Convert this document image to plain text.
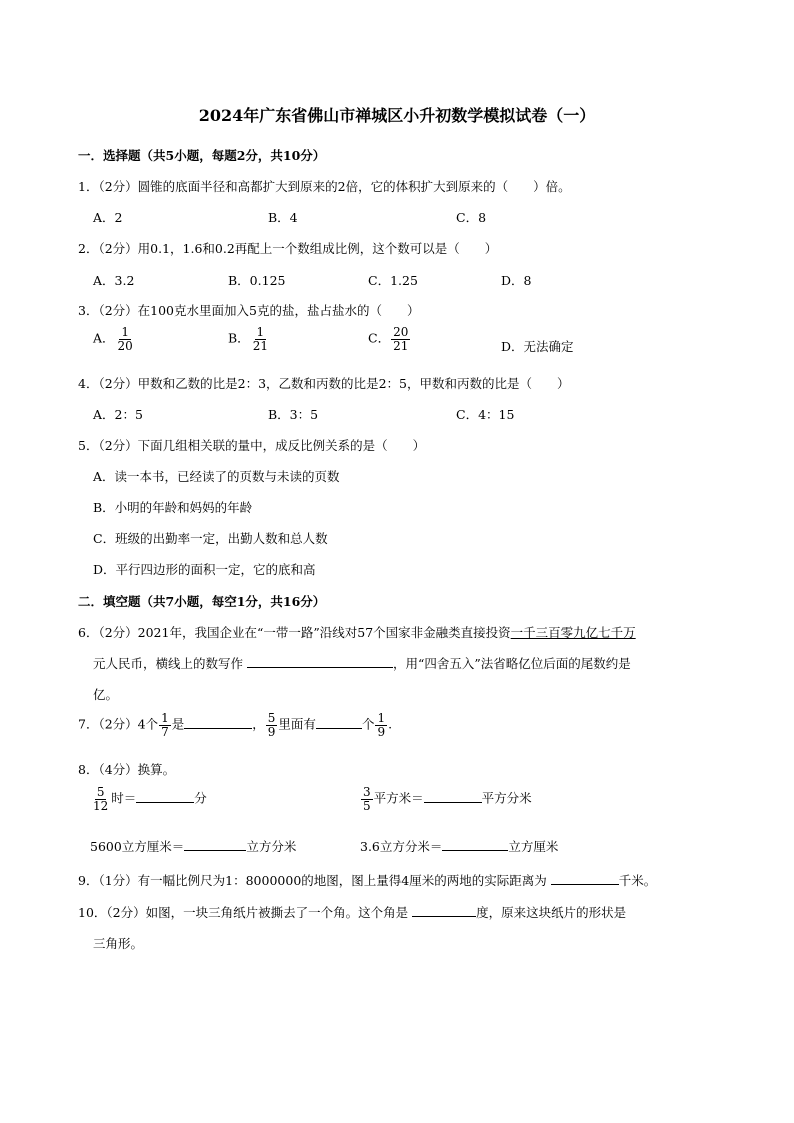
2024年广东省佛山市禅城区小升初数学模拟试卷（一）
一．选择题（共5小题，每题2分，共10分）
1．（2分）圆锥的底面半径和高都扩大到原来的2倍，它的体积扩大到原来的（　　）倍。
A．2	B．4	C．8
2．（2分）用0.1，1.6和0.2再配上一个数组成比例，这个数可以是（　　）
A．3.2	B．0.125	C．1.25	D．8
3．（2分）在100克水里面加入5克的盐，盐占盐水的（　　）
A． $\frac{1}{20}$	B． $\frac{1}{21}$	C． $\frac{20}{21}$	D．无法确定
4．（2分）甲数和乙数的比是2：3，乙数和丙数的比是2：5，甲数和丙数的比是（　　）
A．2：5	B．3：5	C．4：15
5．（2分）下面几组相关联的量中，成反比例关系的是（　　）
A．读一本书，已经读了的页数与未读的页数
B．小明的年龄和妈妈的年龄
C．班级的出勤率一定，出勤人数和总人数
D．平行四边形的面积一定，它的底和高
二．填空题（共7小题，每空1分，共16分）
6．（2分）2021年，我国企业在“一带一路”沿线对57个国家非金融类直接投资一千三百零九亿七千万
元人民币，横线上的数写作	，用“四舍五入”法省略亿位后面的尾数约是
亿。
7．（2分）4个 $\frac{1}{7}$ 是	， $\frac{5}{9}$ 里面有	个 $\frac{1}{9}$ .
8．（4分）换算。
$\frac{5}{12}$ 时＝	分	$\frac{3}{5}$ 平方米＝	平方分米
5600立方厘米＝	立方分米	3.6立方分米＝	立方厘米
9．（1分）有一幅比例尺为1：8000000的地图，图上量得4厘米的两地的实际距离为	千米。
10．（2分）如图，一块三角纸片被撕去了一个角。这个角是	度，原来这块纸片的形状是
三角形。
